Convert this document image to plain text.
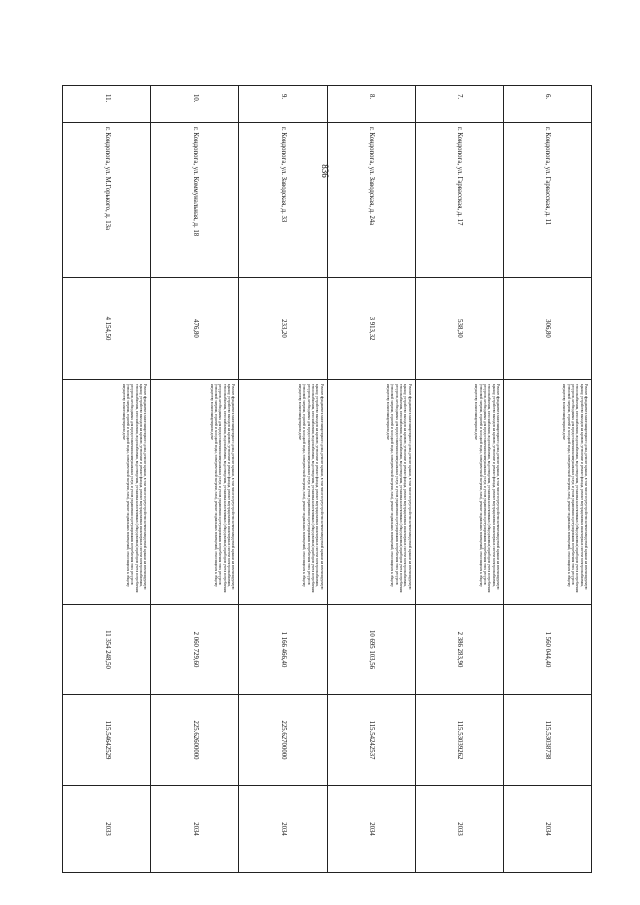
836
6.	г. Кондопога, ул. Гарвасская, д. 11	306,80	Ремонт фундамента многоквартирного дома, ремонт крыши, в том числе переустройство невентилируемой крыши на вентилируемую крышу, устройство выходов на кровлю, утепление и ремонт фасада, ремонт внутридомовых инженерных систем электроснабжения, теплоснабжения, газоснабжения, водоснабжения, водоотведения, установка коллективных (общедомовых) приборов учета потребления ресурсов, необходимых для предоставления коммунальных услуг, и узлов управления и регулирования потребления этих ресурсов (тепловой энергии, горячей и холодной воды, электрической энергии, газа), ремонт подвальных помещений, относящихся к общему имуществу в многоквартирном доме	1 560 044,40	115.53038738	2034
7.	г. Кондопога, ул. Гарвасская, д. 17	538,30	Ремонт фундамента многоквартирного дома, ремонт крыши, в том числе переустройство невентилируемой крыши на вентилируемую крышу, устройство выходов на кровлю, утепление и ремонт фасада, ремонт внутридомовых инженерных систем электроснабжения, теплоснабжения, газоснабжения, водоснабжения, водоотведения, установка коллективных (общедомовых) приборов учета потребления ресурсов, необходимых для предоставления коммунальных услуг, и узлов управления и регулирования потребления этих ресурсов (тепловой энергии, горячей и холодной воды, электрической энергии, газа), ремонт подвальных помещений, относящихся к общему имуществу в многоквартирном доме	2 386 283,90	115.53039262	2033
8.	г. Кондопога, ул. Заводская, д. 24а	3 913,32	Ремонт фундамента многоквартирного дома, ремонт крыши, в том числе переустройство невентилируемой крыши на вентилируемую крышу, устройство выходов на кровлю, утепление и ремонт фасада, ремонт внутридомовых инженерных систем электроснабжения, теплоснабжения, газоснабжения, водоснабжения, водоотведения, установка коллективных (общедомовых) приборов учета потребления ресурсов, необходимых для предоставления коммунальных услуг, и узлов управления и регулирования потребления этих ресурсов (тепловой энергии, горячей и холодной воды, электрической энергии, газа), ремонт подвальных помещений, относящихся к общему имуществу в многоквартирном доме	10 695 103,56	115.54242537	2034
9.	г. Кондопога, ул. Заводская, д. 33	233,20	Ремонт фундамента многоквартирного дома, ремонт крыши, в том числе переустройство невентилируемой крыши на вентилируемую крышу, устройство выходов на кровлю, утепление и ремонт фасада, ремонт внутридомовых инженерных систем электроснабжения, теплоснабжения, газоснабжения, водоснабжения, водоотведения, установка коллективных (общедомовых) приборов учета потребления ресурсов, необходимых для предоставления коммунальных услуг, и узлов управления и регулирования потребления этих ресурсов (тепловой энергии, горячей и холодной воды, электрической энергии, газа), ремонт подвальных помещений, относящихся к общему имуществу в многоквартирном доме	1 166 466,40	225.62700000	2034
10.	г. Кондопога, ул. Коммунальная, д. 18	476,80	Ремонт фундамента многоквартирного дома, ремонт крыши, в том числе переустройство невентилируемой крыши на вентилируемую крышу, устройство выходов на кровлю, утепление и ремонт фасада, ремонт внутридомовых инженерных систем электроснабжения, теплоснабжения, газоснабжения, водоснабжения, водоотведения, установка коллективных (общедомовых) приборов учета потребления ресурсов, необходимых для предоставления коммунальных услуг, и узлов управления и регулирования потребления этих ресурсов (тепловой энергии, горячей и холодной воды, электрической энергии, газа), ремонт подвальных помещений, относящихся к общему имуществу в многоквартирном доме	2 060 729,60	225.62600000	2034
11.	г. Кондопога, ул. М.Горького, д. 13а	4 154,50	Ремонт фундамента многоквартирного дома, ремонт крыши, в том числе переустройство невентилируемой крыши на вентилируемую крышу, устройство выходов на кровлю, утепление и ремонт фасада, ремонт внутридомовых инженерных систем электроснабжения, теплоснабжения, газоснабжения, водоснабжения, водоотведения, установка коллективных (общедомовых) приборов учета потребления ресурсов, необходимых для предоставления коммунальных услуг, и узлов управления и регулирования потребления этих ресурсов (тепловой энергии, горячей и холодной воды, электрической энергии, газа), ремонт подвальных помещений, относящихся к общему имуществу в многоквартирном доме	11 354 248,50	115.54642529	2033
